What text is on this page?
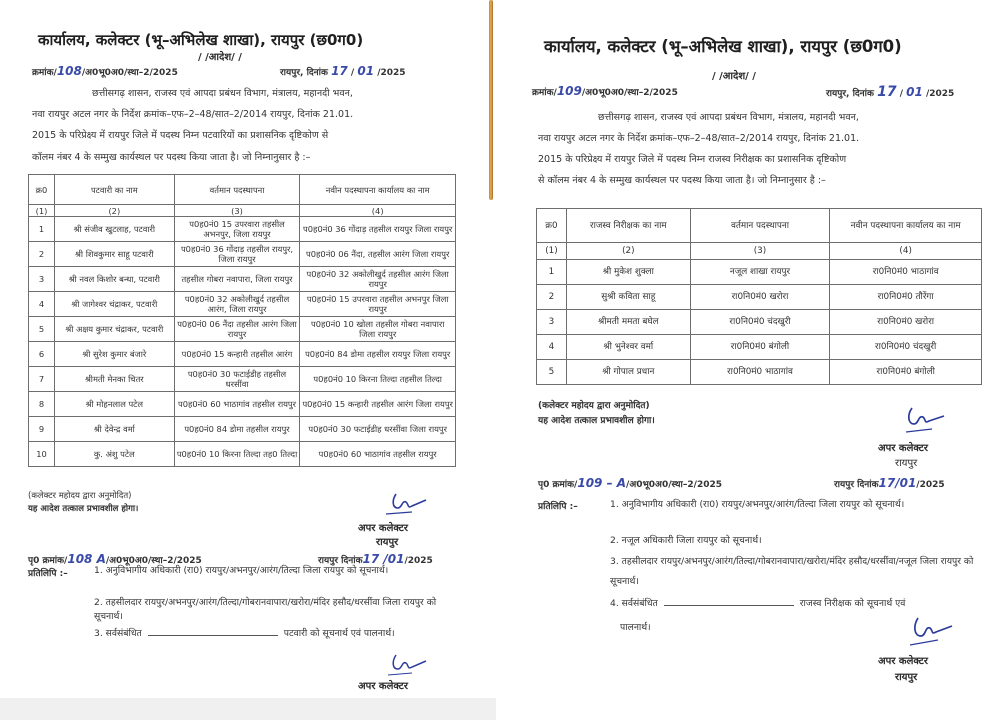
कार्यालय, कलेक्टर (भू–अभिलेख शाखा), रायपुर (छ0ग0)
/ /आदेश/ /
क्रमांक/108/अ0भू0अ0/स्था–2/2025	रायपुर, दिनांक 17 / 01 /2025
छत्तीसगढ़ शासन, राजस्व एवं आपदा प्रबंधन विभाग, मंत्रालय, महानदी भवन,
नवा रायपुर अटल नगर के निर्देश क्रमांक–एफ–2–48/सात–2/2014 रायपुर, दिनांक 21.01.
2015 के परिप्रेक्ष्य में रायपुर जिले में पदस्थ निम्न पटवारियों का प्रशासनिक दृष्टिकोण से
कॉलम नंबर 4 के सम्मुख कार्यस्थल पर पदस्थ किया जाता है। जो निम्नानुसार है :–
क्र0	पटवारी का नाम	वर्तमान पदस्थापना	नवीन पदस्थापना कार्यालय का नाम
(1)	(2)	(3)	(4)
1	श्री संजीव खुटलाह, पटवारी	प0ह0नं0 15 उपरवारा तहसील अभनपुर, जिला रायपुर	प0ह0नं0 36 गोंदाड़ तहसील रायपुर जिला रायपुर
2	श्री शिवकुमार साहू पटवारी	प0ह0नं0 36 गोंदाड़ तहसील रायपुर, जिला रायपुर	प0ह0नं0 06 नैंदा, तहसील आरंग जिला रायपुर
3	श्री नवल किशोर बन्धा, पटवारी	तहसील गोबरा नवापारा, जिला रायपुर	प0ह0नं0 32 अकोलीखुर्द तहसील आरंग जिला रायपुर
4	श्री जागेश्वर चंद्राकर, पटवारी	प0ह0नं0 32 अकोलीखुर्द तहसील आरंग, जिला रायपुर	प0ह0नं0 15 उपरवारा तहसील अभनपुर जिला रायपुर
5	श्री अक्षय कुमार चंद्राकर, पटवारी	प0ह0नं0 06 नैंदा तहसील आरंग जिला रायपुर	प0ह0नं0 10 खोला तहसील गोबरा नवापारा जिला रायपुर
6	श्री सुरेश कुमार बंजारे	प0ह0नं0 15 कन्हारी तहसील आरंग	प0ह0नं0 84 डोमा तहसील रायपुर जिला रायपुर
7	श्रीमती मेनका चितर	प0ह0नं0 30 फटाईडीह तहसील धरसींवा	प0ह0नं0 10 किरना तिल्दा तहसील तिल्दा
8	श्री मोहनलाल पटेल	प0ह0नं0 60 भाठागांव तहसील रायपुर	प0ह0नं0 15 कन्हारी तहसील आरंग जिला रायपुर
9	श्री देवेन्द्र वर्मा	प0ह0नं0 84 डोमा तहसील रायपुर	प0ह0नं0 30 फटाईडीह धरसींवा जिला रायपुर
10	कु. अंशु पटेल	प0ह0नं0 10 किरना तिल्दा तह0 तिल्दा	प0ह0नं0 60 भाठागांव तहसील रायपुर
(कलेक्टर महोदय द्वारा अनुमोदित)
यह आदेश तत्काल प्रभावशील होगा।
अपर कलेक्टर
रायपुर
पृ0 क्रमांक/108 A/अ0भू0अ0/स्था–2/2025	रायपुर दिनांक17 /01/2025
प्रतिलिपि :–	1. अनुविभागीय अधिकारी (रा0) रायपुर/अभनपुर/आरंग/तिल्दा जिला रायपुर को सूचनार्थ।
2. तहसीलदार रायपुर/अभनपुर/आरंग/तिल्दा/गोबरानवापारा/खरोरा/मंदिर हसौद/धरसींवा जिला रायपुर को सूचनार्थ।
3. सर्वसंबंधित	पटवारी को सूचनार्थ एवं पालनार्थ।
अपर कलेक्टर
कार्यालय, कलेक्टर (भू–अभिलेख शाखा), रायपुर (छ0ग0)
/ /आदेश/ /
क्रमांक/109/अ0भू0अ0/स्था–2/2025	रायपुर, दिनांक 17 / 01 /2025
छत्तीसगढ़ शासन, राजस्व एवं आपदा प्रबंधन विभाग, मंत्रालय, महानदी भवन,
नवा रायपुर अटल नगर के निर्देश क्रमांक–एफ–2–48/सात–2/2014 रायपुर, दिनांक 21.01.
2015 के परिप्रेक्ष्य में रायपुर जिले में पदस्थ निम्न राजस्व निरीक्षक का प्रशासनिक दृष्टिकोण
से कॉलम नंबर 4 के सम्मुख कार्यस्थल पर पदस्थ किया जाता है। जो निम्नानुसार है :–
क्र0	राजस्व निरीक्षक का नाम	वर्तमान पदस्थापना	नवीन पदस्थापना कार्यालय का नाम
(1)	(2)	(3)	(4)
1	श्री मुकेश शुक्ला	नजूल शाखा रायपुर	रा0नि0मं0 भाठागांव
2	सुश्री कविता साहू	रा0नि0मं0 खरोरा	रा0नि0मं0 तौरेंगा
3	श्रीमती ममता बघेल	रा0नि0मं0 चंदखुरी	रा0नि0मं0 खरोरा
4	श्री भुनेश्वर वर्मा	रा0नि0मं0 बंगोली	रा0नि0मं0 चंदखुरी
5	श्री गोपाल प्रधान	रा0नि0मं0 भाठागांव	रा0नि0मं0 बंगोली
(कलेक्टर महोदय द्वारा अनुमोदित)
यह आदेश तत्काल प्रभावशील होगा।
अपर कलेक्टर
रायपुर
पृ0 क्रमांक/109 – A/अ0भू0अ0/स्था–2/2025	रायपुर दिनांक17/01/2025
प्रतिलिपि :–	1. अनुविभागीय अधिकारी (रा0) रायपुर/अभनपुर/आरंग/तिल्दा जिला रायपुर को सूचनार्थ।
2. नजूल अधिकारी जिला रायपुर को सूचनार्थ।
3. तहसीलदार रायपुर/अभनपुर/आरंग/तिल्दा/गोबरानवापारा/खरोरा/मंदिर हसौद/धरसींवा/नजूल जिला रायपुर को सूचनार्थ।
4. सर्वसंबंधित	राजस्व निरीक्षक को सूचनार्थ एवं
पालनार्थ।
अपर कलेक्टर
रायपुर
